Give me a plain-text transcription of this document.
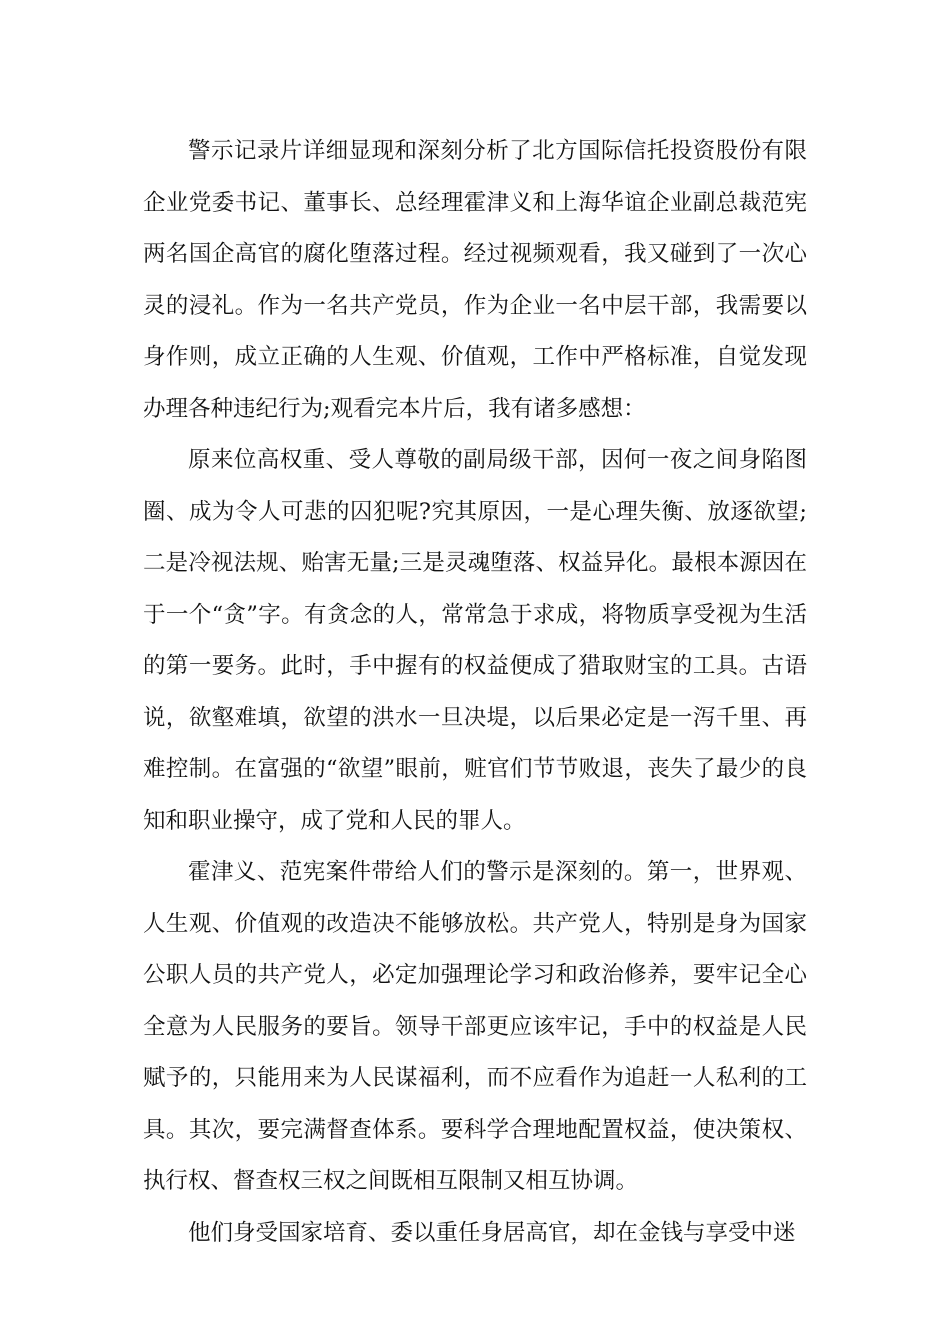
警示记录片详细显现和深刻分析了北方国际信托投资股份有限企业党委书记、董事长、总经理霍津义和上海华谊企业副总裁范宪两名国企高官的腐化堕落过程。经过视频观看，我又碰到了一次心灵的浸礼。作为一名共产党员，作为企业一名中层干部，我需要以身作则，成立正确的人生观、价值观，工作中严格标准，自觉发现办理各种违纪行为;观看完本片后，我有诸多感想：

原来位高权重、受人尊敬的副局级干部，因何一夜之间身陷图圈、成为令人可悲的囚犯呢?究其原因，一是心理失衡、放逐欲望;二是冷视法规、贻害无量;三是灵魂堕落、权益异化。最根本源因在于一个“贪”字。有贪念的人，常常急于求成，将物质享受视为生活的第一要务。此时，手中握有的权益便成了猎取财宝的工具。古语说，欲壑难填，欲望的洪水一旦决堤，以后果必定是一泻千里、再难控制。在富强的“欲望”眼前，赃官们节节败退，丧失了最少的良知和职业操守，成了党和人民的罪人。

霍津义、范宪案件带给人们的警示是深刻的。第一，世界观、人生观、价值观的改造决不能够放松。共产党人，特别是身为国家公职人员的共产党人，必定加强理论学习和政治修养，要牢记全心全意为人民服务的要旨。领导干部更应该牢记，手中的权益是人民赋予的，只能用来为人民谋福利，而不应看作为追赶一人私利的工具。其次，要完满督查体系。要科学合理地配置权益，使决策权、执行权、督查权三权之间既相互限制又相互协调。

他们身受国家培育、委以重任身居高官，却在金钱与享受中迷
